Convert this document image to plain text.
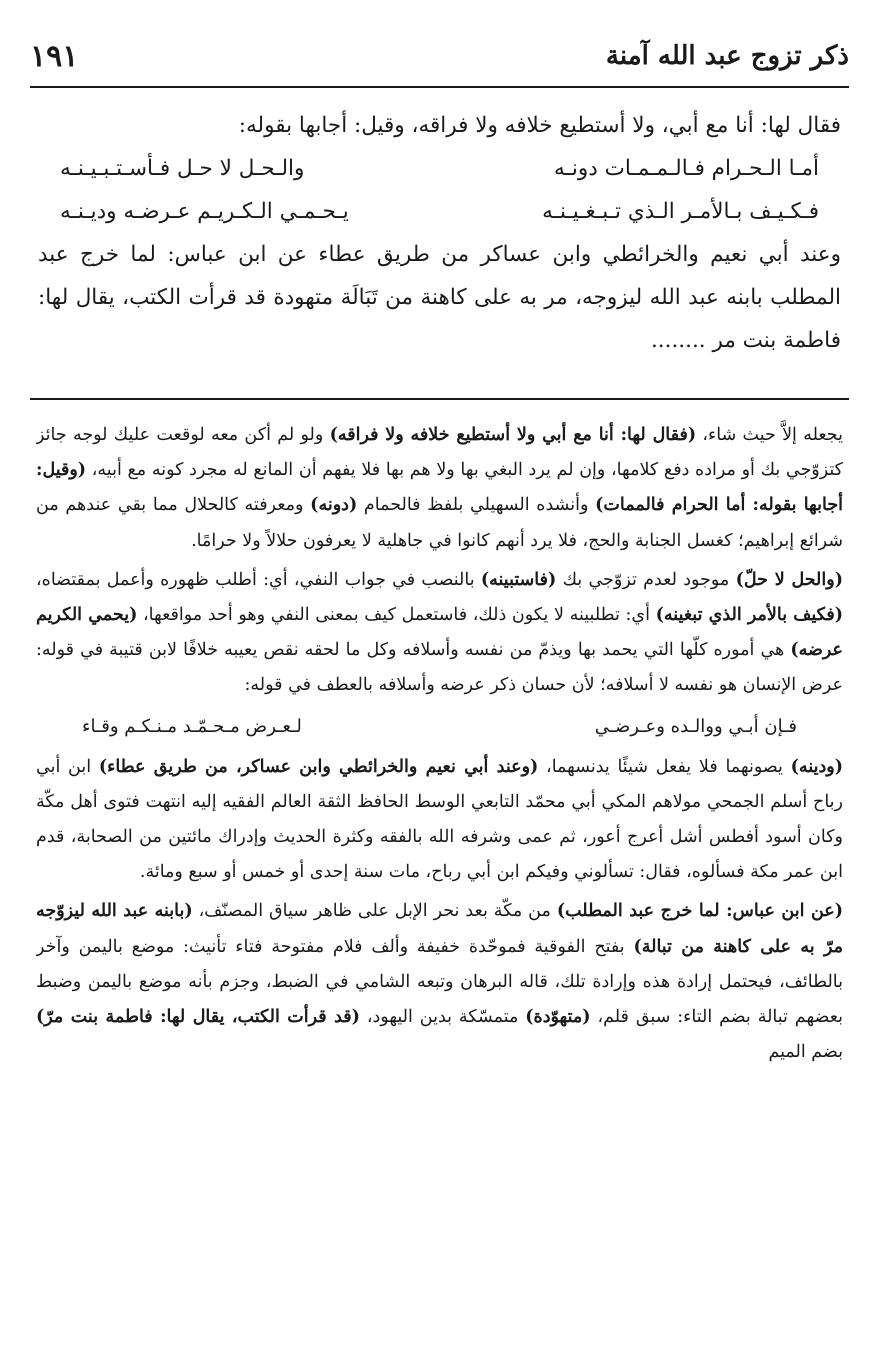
١٩١	ذكر تزوج عبد الله آمنة

فقال لها: أنا مع أبي، ولا أستطيع خلافه ولا فراقه، وقيل: أجابها بقوله:

أمـا الـحـرام فـالـمـمـات دونـه
والـحـل لا حـل فـأسـتـبـيـنـه
فـكـيـف بـالأمـر الـذي تـبـغـيـنـه
يـحـمـي الـكـريـم عـرضـه وديـنـه

وعند أبي نعيم والخرائطي وابن عساكر من طريق عطاء عن ابن عباس: لما خرج عبد المطلب بابنه عبد الله ليزوجه، مر به على كاهنة من تَبَالَة متهودة قد قرأت الكتب، يقال لها: فاطمة بنت مر ........

يجعله إلاَّ حيث شاء، (فقال لها: أنا مع أبي ولا أستطيع خلافه ولا فراقه) ولو لم أكن معه لوقعت عليك لوجه جائز كتزوّجي بك أو مراده دفع كلامها، وإن لم يرد البغي بها ولا هم بها فلا يفهم أن المانع له مجرد كونه مع أبيه، (وقيل: أجابها بقوله: أما الحرام فالممات) وأنشده السهيلي بلفظ فالحمام (دونه) ومعرفته كالحلال مما بقي عندهم من شرائع إبراهيم؛ كغسل الجنابة والحج، فلا يرد أنهم كانوا في جاهلية لا يعرفون حلالاً ولا حرامًا.

(والحل لا حلّ) موجود لعدم تزوّجي بك (فاستبينه) بالنصب في جواب النفي، أي: أطلب ظهوره وأعمل بمقتضاه، (فكيف بالأمر الذي تبغينه) أي: تطلبينه لا يكون ذلك، فاستعمل كيف بمعنى النفي وهو أحد مواقعها، (يحمي الكريم عرضه) هي أموره كلّها التي يحمد بها ويذمّ من نفسه وأسلافه وكل ما لحقه نقص يعيبه خلافًا لابن قتيبة في قوله: عرض الإنسان هو نفسه لا أسلافه؛ لأن حسان ذكر عرضه وأسلافه بالعطف في قوله:

فـإن أبـي ووالـده وعـرضـي
لـعـرض مـحـمّـد مـنـكـم وقـاء

(ودينه) يصونهما فلا يفعل شيئًا يدنسهما، (وعند أبي نعيم والخرائطي وابن عساكر، من طريق عطاء) ابن أبي رباح أسلم الجمحي مولاهم المكي أبي محمّد التابعي الوسط الحافظ الثقة العالم الفقيه إليه انتهت فتوى أهل مكّة وكان أسود أفطس أشل أعرج أعور، ثم عمى وشرفه الله بالفقه وكثرة الحديث وإدراك مائتين من الصحابة، قدم ابن عمر مكة فسألوه، فقال: تسألوني وفيكم ابن أبي رباح، مات سنة إحدى أو خمس أو سبع ومائة.

(عن ابن عباس: لما خرج عبد المطلب) من مكّة بعد نحر الإبل على ظاهر سياق المصنّف، (بابنه عبد الله ليزوّجه مرّ به على كاهنة من تبالة) بفتح الفوقية فموحّدة خفيفة وألف فلام مفتوحة فتاء تأنيث: موضع باليمن وآخر بالطائف، فيحتمل إرادة هذه وإرادة تلك، قاله البرهان وتبعه الشامي في الضبط، وجزم بأنه موضع باليمن وضبط بعضهم تبالة بضم التاء: سبق قلم، (متهوّدة) متمسّكة بدين اليهود، (قد قرأت الكتب، يقال لها: فاطمة بنت مرّ) بضم الميم
